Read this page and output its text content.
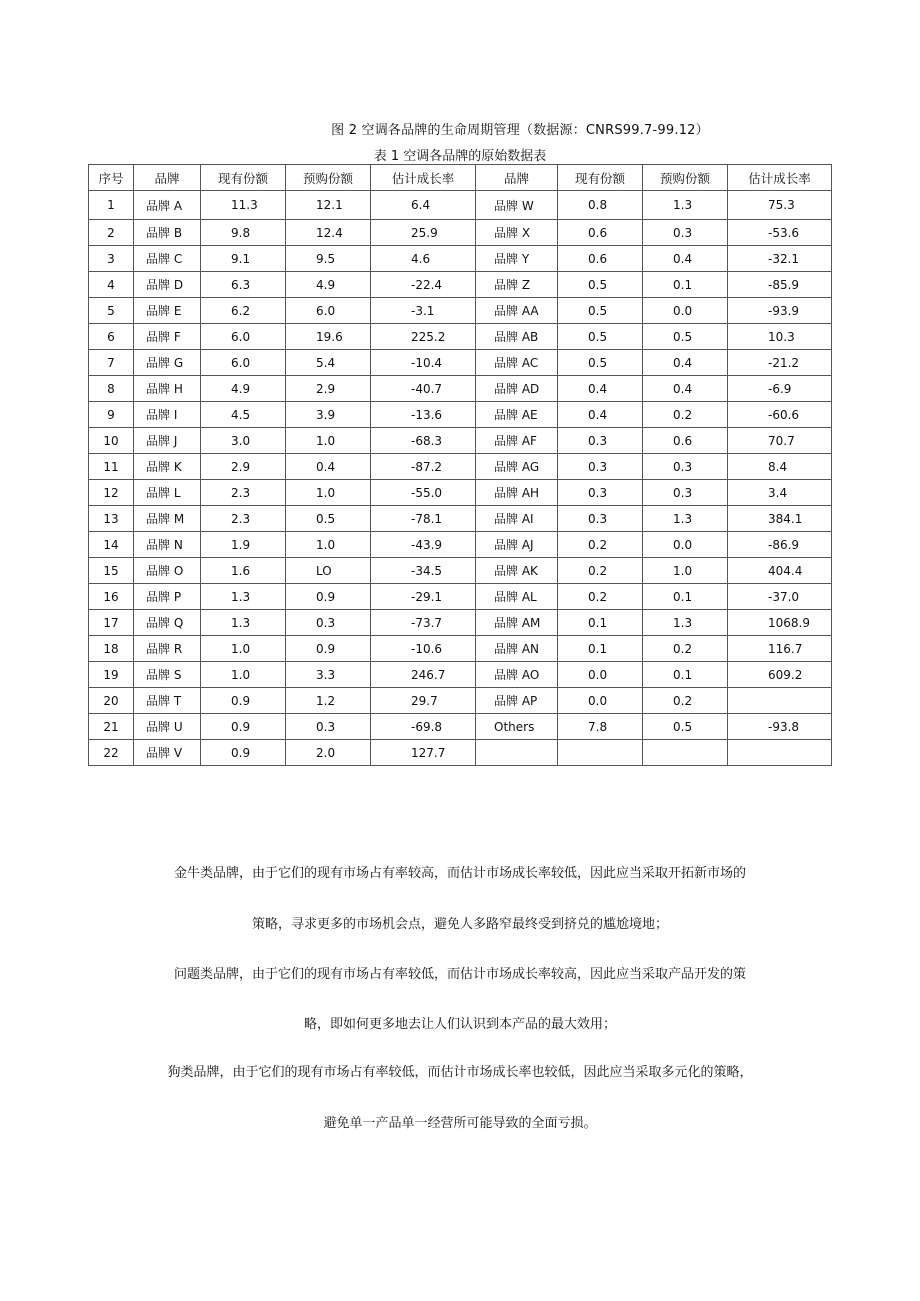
图 2 空调各品牌的生命周期管理（数据源：CNRS99.7-99.12）
表 1 空调各品牌的原始数据表
序号	品牌	现有份额	预购份额	估计成长率	品牌	现有份额	预购份额	估计成长率
1	品牌 A	11.3	12.1	6.4	品牌 W	0.8	1.3	75.3
2	品牌 B	9.8	12.4	25.9	品牌 X	0.6	0.3	-53.6
3	品牌 C	9.1	9.5	4.6	品牌 Y	0.6	0.4	-32.1
4	品牌 D	6.3	4.9	-22.4	品牌 Z	0.5	0.1	-85.9
5	品牌 E	6.2	6.0	-3.1	品牌 AA	0.5	0.0	-93.9
6	品牌 F	6.0	19.6	225.2	品牌 AB	0.5	0.5	10.3
7	品牌 G	6.0	5.4	-10.4	品牌 AC	0.5	0.4	-21.2
8	品牌 H	4.9	2.9	-40.7	品牌 AD	0.4	0.4	-6.9
9	品牌 I	4.5	3.9	-13.6	品牌 AE	0.4	0.2	-60.6
10	品牌 J	3.0	1.0	-68.3	品牌 AF	0.3	0.6	70.7
11	品牌 K	2.9	0.4	-87.2	品牌 AG	0.3	0.3	8.4
12	品牌 L	2.3	1.0	-55.0	品牌 AH	0.3	0.3	3.4
13	品牌 M	2.3	0.5	-78.1	品牌 AI	0.3	1.3	384.1
14	品牌 N	1.9	1.0	-43.9	品牌 AJ	0.2	0.0	-86.9
15	品牌 O	1.6	LO	-34.5	品牌 AK	0.2	1.0	404.4
16	品牌 P	1.3	0.9	-29.1	品牌 AL	0.2	0.1	-37.0
17	品牌 Q	1.3	0.3	-73.7	品牌 AM	0.1	1.3	1068.9
18	品牌 R	1.0	0.9	-10.6	品牌 AN	0.1	0.2	116.7
19	品牌 S	1.0	3.3	246.7	品牌 AO	0.0	0.1	609.2
20	品牌 T	0.9	1.2	29.7	品牌 AP	0.0	0.2	
21	品牌 U	0.9	0.3	-69.8	Others	7.8	0.5	-93.8
22	品牌 V	0.9	2.0	127.7				
金牛类品牌，由于它们的现有市场占有率较高，而估计市场成长率较低，因此应当采取开拓新市场的
策略，寻求更多的市场机会点，避免人多路窄最终受到挤兑的尴尬境地；
问题类品牌，由于它们的现有市场占有率较低，而估计市场成长率较高，因此应当采取产品开发的策
略，即如何更多地去让人们认识到本产品的最大效用；
狗类品牌，由于它们的现有市场占有率较低，而估计市场成长率也较低，因此应当采取多元化的策略，
避免单一产品单一经营所可能导致的全面亏损。
